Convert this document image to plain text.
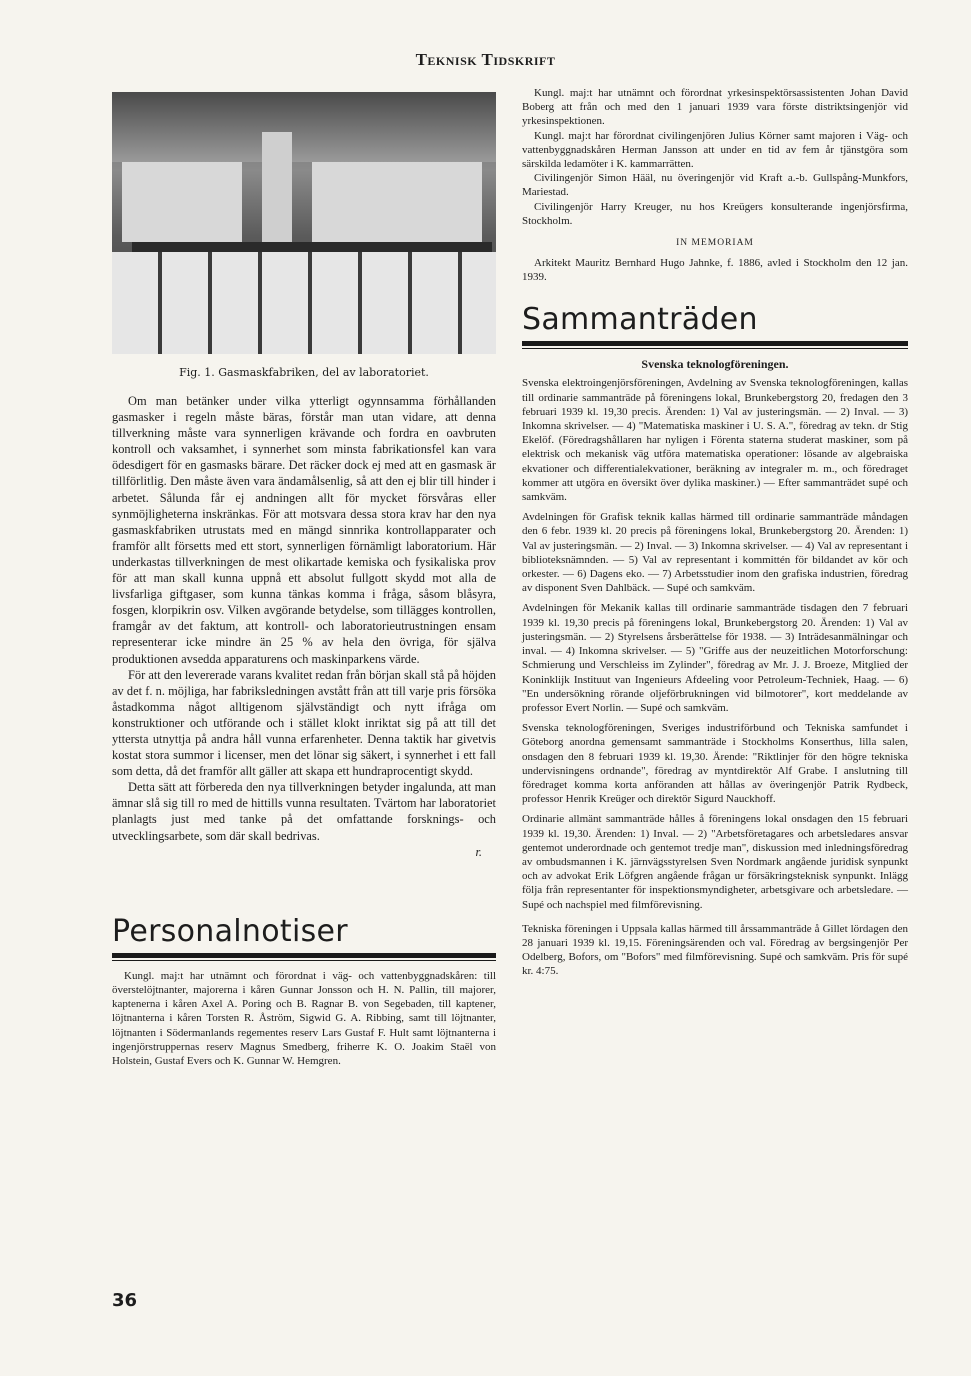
Teknisk Tidskrift
Fig. 1. Gasmaskfabriken, del av laboratoriet.

Om man betänker under vilka ytterligt ogynnsamma förhållanden gasmasker i regeln måste bäras, förstår man utan vidare, att denna tillverkning måste vara synnerligen krävande och fordra en oavbruten kontroll och vaksamhet, i synnerhet som minsta fabrikationsfel kan vara ödesdigert för en gasmasks bärare. Det räcker dock ej med att en gasmask är tillförlitlig. Den måste även vara ändamålsenlig, så att den ej blir till hinder i arbetet. Sålunda får ej andningen allt för mycket försvåras eller synmöjligheterna inskränkas. För att motsvara dessa stora krav har den nya gasmaskfabriken utrustats med en mängd sinnrika kontrollapparater och framför allt försetts med ett stort, synnerligen förnämligt laboratorium. Här underkastas tillverkningen de mest olikartade kemiska och fysikaliska prov för att man skall kunna uppnå ett absolut fullgott skydd mot alla de livsfarliga giftgaser, som kunna tänkas komma i fråga, såsom blåsyra, fosgen, klorpikrin osv. Vilken avgörande betydelse, som tillägges kontrollen, framgår av det faktum, att kontroll- och laboratorieutrustningen ensam representerar icke mindre än 25 % av hela den övriga, för själva produktionen avsedda apparaturens och maskinparkens värde.

För att den levererade varans kvalitet redan från början skall stå på höjden av det f. n. möjliga, har fabriksledningen avstått från att till varje pris försöka åstadkomma något alltigenom självständigt och nytt ifråga om konstruktioner och utförande och i stället klokt inriktat sig på att till det yttersta utnyttja på andra håll vunna erfarenheter. Denna taktik har givetvis kostat stora summor i licenser, men det lönar sig säkert, i synnerhet i ett fall som detta, då det framför allt gäller att skapa ett hundraprocentigt skydd.

Detta sätt att förbereda den nya tillverkningen betyder ingalunda, att man ämnar slå sig till ro med de hittills vunna resultaten. Tvärtom har laboratoriet planlagts just med tanke på det omfattande forsknings- och utvecklingsarbete, som där skall bedrivas.

r.
Personalnotiser

Kungl. maj:t har utnämnt och förordnat i väg- och vattenbyggnadskåren: till överstelöjtnanter, majorerna i kåren Gunnar Jonsson och H. N. Pallin, till majorer, kaptenerna i kåren Axel A. Poring och B. Ragnar B. von Segebaden, till kaptener, löjtnanterna i kåren Torsten R. Åström, Sigwid G. A. Ribbing, samt till löjtnanter, löjtnanten i Södermanlands regementes reserv Lars Gustaf F. Hult samt löjtnanterna i ingenjörstruppernas reserv Magnus Smedberg, friherre K. O. Joakim Staël von Holstein, Gustaf Evers och K. Gunnar W. Hemgren.

Kungl. maj:t har utnämnt och förordnat yrkesinspektörsassistenten Johan David Boberg att från och med den 1 januari 1939 vara förste distriktsingenjör vid yrkesinspektionen.

Kungl. maj:t har förordnat civilingenjören Julius Körner samt majoren i Väg- och vattenbyggnadskåren Herman Jansson att under en tid av fem år tjänstgöra som särskilda ledamöter i K. kammarrätten.

Civilingenjör Simon Hääl, nu överingenjör vid Kraft a.-b. Gullspång-Munkfors, Mariestad.

Civilingenjör Harry Kreuger, nu hos Kreügers konsulterande ingenjörsfirma, Stockholm.

IN MEMORIAM

Arkitekt Mauritz Bernhard Hugo Jahnke, f. 1886, avled i Stockholm den 12 jan. 1939.

Sammanträden
Svenska teknologföreningen.

Svenska elektroingenjörsföreningen, Avdelning av Svenska teknologföreningen, kallas till ordinarie sammanträde på föreningens lokal, Brunkebergstorg 20, fredagen den 3 februari 1939 kl. 19,30 precis. Ärenden: 1) Val av justeringsmän. — 2) Inval. — 3) Inkomna skrivelser. — 4) "Matematiska maskiner i U. S. A.", föredrag av tekn. dr Stig Ekelöf. (Föredragshållaren har nyligen i Förenta staterna studerat maskiner, som på elektrisk och mekanisk väg utföra matematiska operationer: lösande av algebraiska ekvationer och differentialekvationer, beräkning av integraler m. m., och föredraget kommer att utgöra en översikt över dylika maskiner.) — Efter sammanträdet supé och samkväm.

Avdelningen för Grafisk teknik kallas härmed till ordinarie sammanträde måndagen den 6 febr. 1939 kl. 20 precis på föreningens lokal, Brunkebergstorg 20. Ärenden: 1) Val av justeringsmän. — 2) Inval. — 3) Inkomna skrivelser. — 4) Val av representant i biblioteksnämnden. — 5) Val av representant i kommittén för bildandet av kör och orkester. — 6) Dagens eko. — 7) Arbetsstudier inom den grafiska industrien, föredrag av disponent Sven Dahlbäck. — Supé och samkväm.

Avdelningen för Mekanik kallas till ordinarie sammanträde tisdagen den 7 februari 1939 kl. 19,30 precis på föreningens lokal, Brunkebergstorg 20. Ärenden: 1) Val av justeringsmän. — 2) Styrelsens årsberättelse för 1938. — 3) Inträdesanmälningar och inval. — 4) Inkomna skrivelser. — 5) "Griffe aus der neuzeitlichen Motorforschung: Schmierung und Verschleiss im Zylinder", föredrag av Mr. J. J. Broeze, Mitglied der Koninklijk Instituut van Ingenieurs Afdeeling voor Petroleum-Techniek, Haag. — 6) "En undersökning rörande oljeförbrukningen vid bilmotorer", kort meddelande av professor Evert Norlin. — Supé och samkväm.

Svenska teknologföreningen, Sveriges industriförbund och Tekniska samfundet i Göteborg anordna gemensamt sammanträde i Stockholms Konserthus, lilla salen, onsdagen den 8 februari 1939 kl. 19,30. Ärende: "Riktlinjer för den högre tekniska undervisningens ordnande", föredrag av myntdirektör Alf Grabe. I anslutning till föredraget komma korta anföranden att hållas av överingenjör Patrik Rydbeck, professor Henrik Kreüger och direktör Sigurd Nauckhoff.

Ordinarie allmänt sammanträde hålles å föreningens lokal onsdagen den 15 februari 1939 kl. 19,30. Ärenden: 1) Inval. — 2) "Arbetsföretagares och arbetsledares ansvar gentemot underordnade och gentemot tredje man", diskussion med inledningsföredrag av ombudsmannen i K. järnvägsstyrelsen Sven Nordmark angående juridisk synpunkt och av advokat Erik Löfgren angående frågan ur försäkringsteknisk synpunkt. Inlägg följa från representanter för inspektionsmyndigheter, arbetsgivare och arbetsledare. — Supé och nachspiel med filmförevisning.

Tekniska föreningen i Uppsala kallas härmed till årssammanträde å Gillet lördagen den 28 januari 1939 kl. 19,15. Föreningsärenden och val. Föredrag av bergsingenjör Per Odelberg, Bofors, om "Bofors" med filmförevisning. Supé och samkväm. Pris för supé kr. 4:75.

36
